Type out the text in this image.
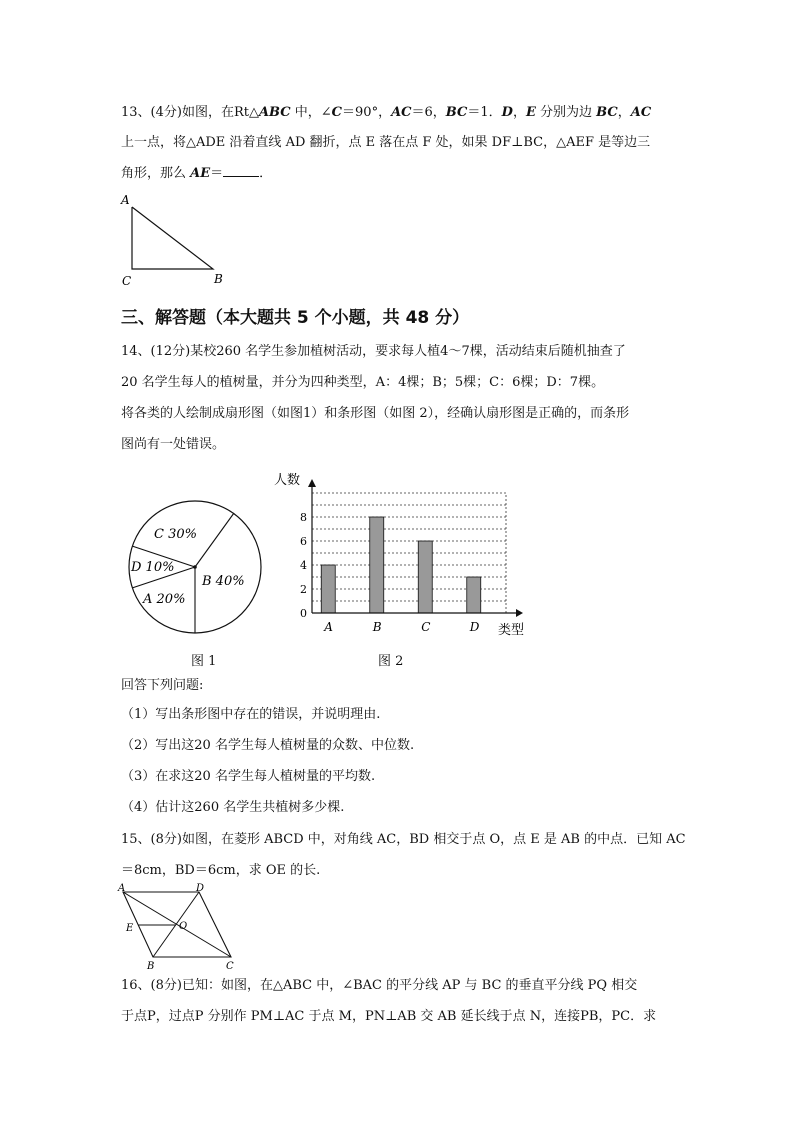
13、(4分)如图，在Rt△ABC 中，∠C＝90°，AC＝6，BC＝1．D，E 分别为边 BC，AC
上一点，将△ADE 沿着直线 AD 翻折，点 E 落在点 F 处，如果 DF⊥BC，△AEF 是等边三
角形，那么 AE＝	．
A
C	B
三、解答题（本大题共 5 个小题，共 48 分）
14、(12分)某校260 名学生参加植树活动，要求每人植4～7棵，活动结束后随机抽查了
20 名学生每人的植树量，并分为四种类型，A：4棵；B；5棵；C：6棵；D：7棵。
将各类的人绘制成扇形图（如图1）和条形图（如图 2），经确认扇形图是正确的，而条形
图尚有一处错误。
C 30%
D 10%
A 20%
B 40%
0
2
4
6
8
A	B	C	D
人数
类型
图 1	图 2
回答下列问题:
（1）写出条形图中存在的错误，并说明理由.
（2）写出这20 名学生每人植树量的众数、中位数.
（3）在求这20 名学生每人植树量的平均数.
（4）估计这260 名学生共植树多少棵.
15、(8分)如图，在菱形 ABCD 中，对角线 AC，BD 相交于点 O，点 E 是 AB 的中点．已知 AC
＝8cm，BD＝6cm，求 OE 的长.
A	D
E	O
B	C
16、(8分)已知：如图，在△ABC 中，∠BAC 的平分线 AP 与 BC 的垂直平分线 PQ 相交
于点P，过点P 分别作 PM⊥AC 于点 M，PN⊥AB 交 AB 延长线于点 N，连接PB，PC．求
